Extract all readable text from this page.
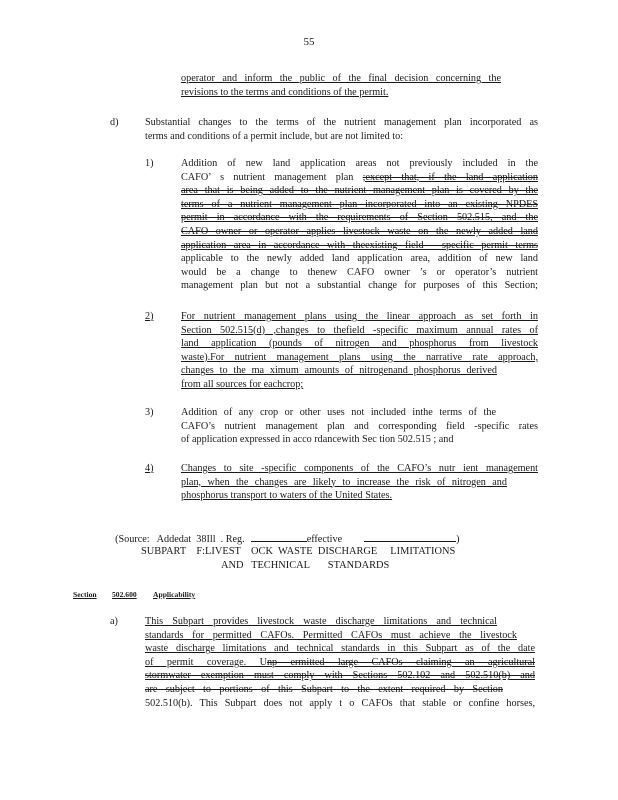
55
operator and inform the public of the final decision concerning the
revisions to the terms and conditions of the permit.
d)	Substantial changes to the terms of the nutrient management plan incorporated as
terms and conditions of a permit include, but are not limited to:
1)	Addition of new land application areas not previously included in the
CAFO’ s nutrient management plan ;except that, if the land application
area that is being added to the nutrient management plan is covered by the
terms of a nutrient management plan incorporated into an existing NPDES
permit in accordance with the requirements of Section 502.515, and the
CAFO owner or operator applies livestock waste on the newly added land
application area in accordance with theexisting field - specific permit terms
applicable to the newly added land application area, addition of new land
would be a change to thenew CAFO owner ’s or operator’s nutrient
management plan but not a substantial change for purposes of this Section;
2)	For nutrient management plans using the linear approach as set forth in
Section 502.515(d) ,changes to thefield -specific maximum annual rates of
land application (pounds of nitrogen and phosphorus from livestock
waste).For nutrient management plans using the narrative rate approach,
changes to the ma ximum amounts of nitrogenand phosphorus derived
from all sources for eachcrop;
3)	Addition of any crop or other uses not included inthe terms of the
CAFO’s nutrient management plan and corresponding field -specific rates
of application expressed in acco rdancewith Sec tion 502.515 ; and
4)	Changes to site -specific components of the CAFO’s nutr ient management
plan, when the changes are likely to increase the risk of nitrogen and
phosphorus transport to waters of the United States.

(Source:   Addedat  38Ill  . Reg.	effective	)

SUBPART    F:LIVEST    OCK  WASTE  DISCHARGE     LIMITATIONS
AND   TECHNICAL       STANDARDS
Section 502.600 Applicability
a)	This Subpart provides livestock waste discharge limitations and technical
standards for permitted CAFOs. Permitted CAFOs must achieve the livestock
waste discharge limitations and technical standards in this Subpart as of the date
of permit coverage. Unp ermitted large CAFOs claiming an agricultural
stormwater exemption must comply with Sections 502.102 and 502.510(b) and
are subject to portions of this Subpart to the extent required by Section
502.510(b). This Subpart does not apply t o CAFOs that stable or confine horses,
